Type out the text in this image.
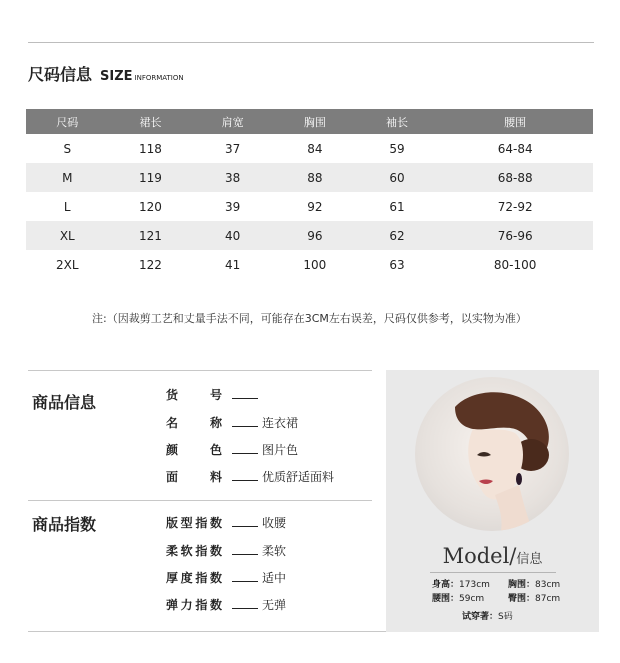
尺码信息 SIZE INFORMATION
尺码	裙长	肩宽	胸围	袖长	腰围
S	118	37	84	59	64-84
M	119	38	88	60	68-88
L	120	39	92	61	72-92
XL	121	40	96	62	76-96
2XL	122	41	100	63	80-100
注:（因裁剪工艺和丈量手法不同，可能存在3CM左右误差，尺码仅供参考，以实物为准）
商品信息	货 号
名 称	连衣裙
颜 色	图片色
面 料	优质舒适面料
商品指数	版型指数	收腰
柔软指数	柔软
厚度指数	适中
弹力指数	无弹
Model/信息
身高：173cm 胸围：83cm
腰围：59cm	臀围：87cm
试穿著：S码
